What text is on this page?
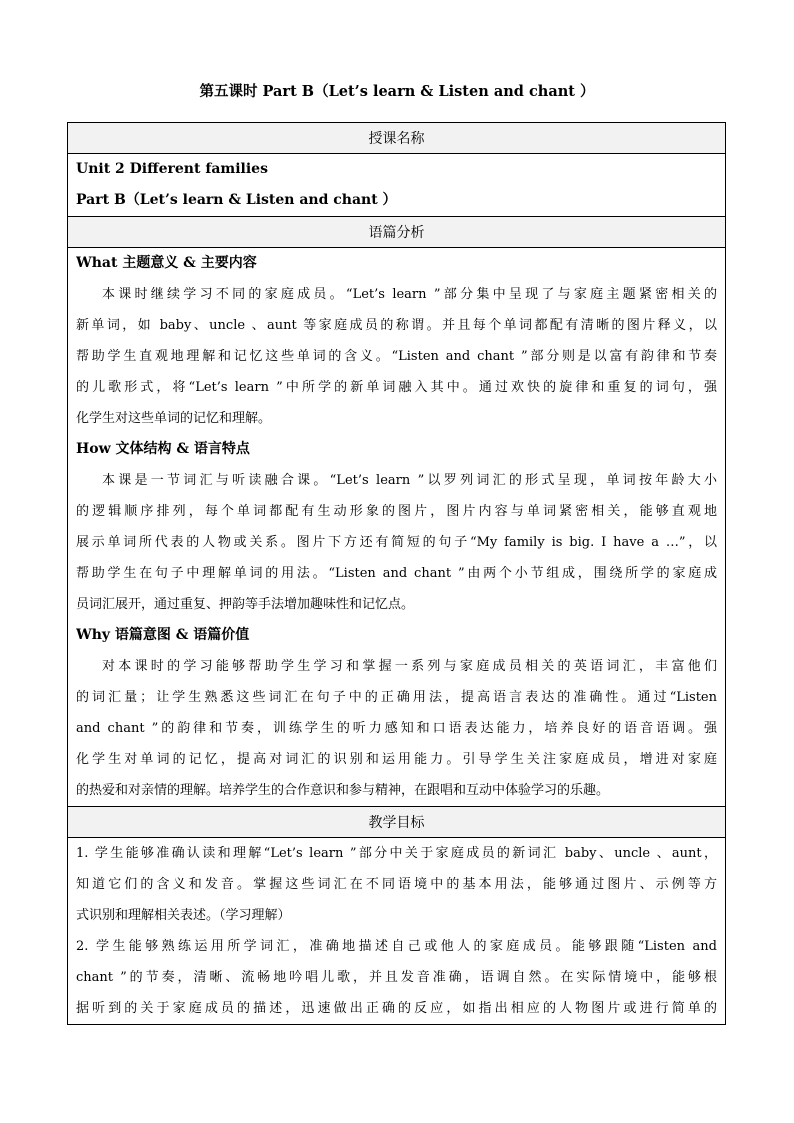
第五课时 Part B（Let’s learn & Listen and chant ）
授课名称

Unit 2 Different families
Part B（Let’s learn & Listen and chant ）

语篇分析

What 主题意义 & 主要内容
本课时继续学习不同的家庭成员。“Let’s learn ”部分集中呈现了与家庭主题紧密相关的
新单词，如 baby、uncle 、aunt 等家庭成员的称谓。并且每个单词都配有清晰的图片释义，以
帮助学生直观地理解和记忆这些单词的含义。“Listen and chant ”部分则是以富有韵律和节奏
的儿歌形式，将“Let’s learn ”中所学的新单词融入其中。通过欢快的旋律和重复的词句，强
化学生对这些单词的记忆和理解。
How 文体结构 & 语言特点
本课是一节词汇与听读融合课。“Let’s learn ”以罗列词汇的形式呈现，单词按年龄大小
的逻辑顺序排列，每个单词都配有生动形象的图片，图片内容与单词紧密相关，能够直观地
展示单词所代表的人物或关系。图片下方还有简短的句子“My family is big. I have a …”，以
帮助学生在句子中理解单词的用法。“Listen and chant ”由两个小节组成，围绕所学的家庭成
员词汇展开，通过重复、押韵等手法增加趣味性和记忆点。
Why 语篇意图 & 语篇价值
对本课时的学习能够帮助学生学习和掌握一系列与家庭成员相关的英语词汇，丰富他们
的词汇量；让学生熟悉这些词汇在句子中的正确用法，提高语言表达的准确性。通过“Listen
and chant ”的韵律和节奏，训练学生的听力感知和口语表达能力，培养良好的语音语调。强
化学生对单词的记忆，提高对词汇的识别和运用能力。引导学生关注家庭成员，增进对家庭
的热爱和对亲情的理解。培养学生的合作意识和参与精神，在跟唱和互动中体验学习的乐趣。

教学目标

1. 学生能够准确认读和理解“Let’s learn ”部分中关于家庭成员的新词汇 baby、uncle 、aunt，
知道它们的含义和发音。掌握这些词汇在不同语境中的基本用法，能够通过图片、示例等方
式识别和理解相关表述。（学习理解）
2. 学生能够熟练运用所学词汇，准确地描述自己或他人的家庭成员。能够跟随“Listen and
chant ”的节奏，清晰、流畅地吟唱儿歌，并且发音准确，语调自然。在实际情境中，能够根
据听到的关于家庭成员的描述，迅速做出正确的反应，如指出相应的人物图片或进行简单的
